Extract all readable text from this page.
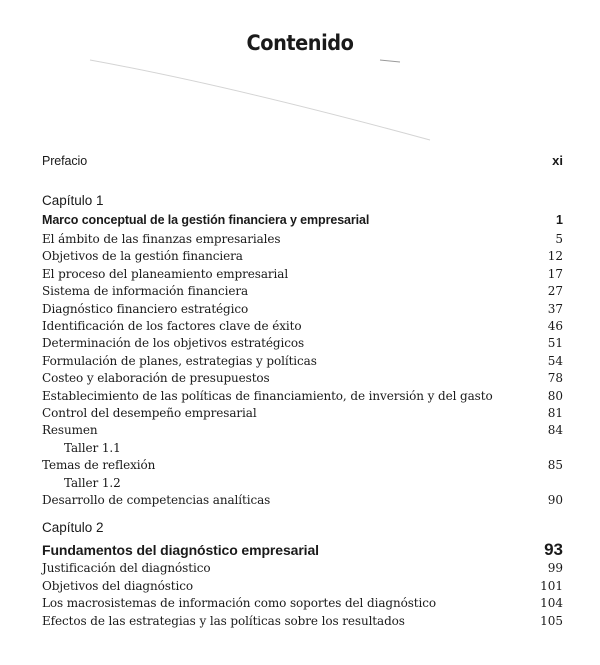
Contenido
Prefacio	xi
Capítulo 1
Marco conceptual de la gestión financiera y empresarial	1
El ámbito de las finanzas empresariales	5
Objetivos de la gestión financiera	12
El proceso del planeamiento empresarial	17
Sistema de información financiera	27
Diagnóstico financiero estratégico	37
Identificación de los factores clave de éxito	46
Determinación de los objetivos estratégicos	51
Formulación de planes, estrategias y políticas	54
Costeo y elaboración de presupuestos	78
Establecimiento de las políticas de financiamiento, de inversión y del gasto	80
Control del desempeño empresarial	81
Resumen	84
Taller 1.1
Temas de reflexión	85
Taller 1.2
Desarrollo de competencias analíticas	90
Capítulo 2
Fundamentos del diagnóstico empresarial	93
Justificación del diagnóstico	99
Objetivos del diagnóstico	101
Los macrosistemas de información como soportes del diagnóstico	104
Efectos de las estrategias y las políticas sobre los resultados	105
